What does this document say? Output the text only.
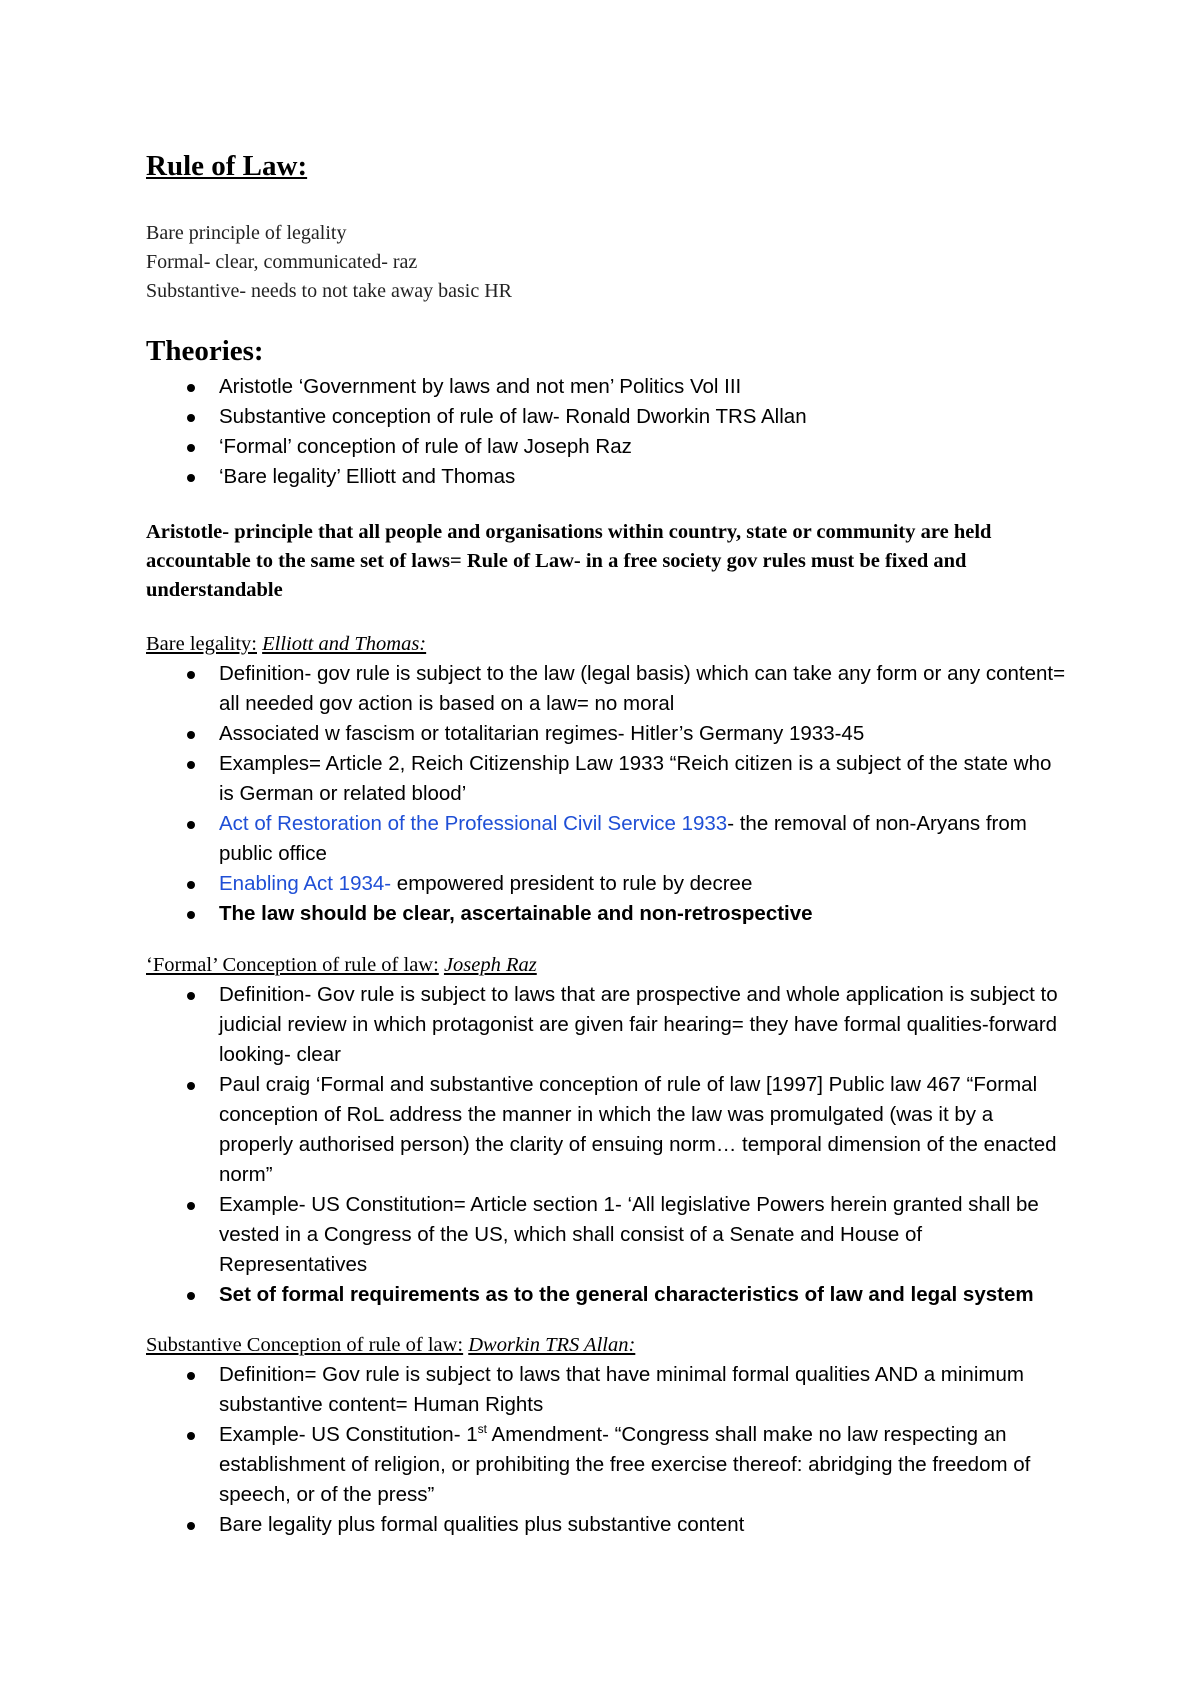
Rule of Law:
Bare principle of legality
Formal- clear, communicated- raz
Substantive- needs to not take away basic HR
Theories:
Aristotle ‘Government by laws and not men’ Politics Vol III
Substantive conception of rule of law- Ronald Dworkin TRS Allan
‘Formal’ conception of rule of law Joseph Raz
‘Bare legality’ Elliott and Thomas

Aristotle- principle that all people and organisations within country, state or community are held accountable to the same set of laws= Rule of Law- in a free society gov rules must be fixed and understandable

Bare legality: Elliott and Thomas:
Definition- gov rule is subject to the law (legal basis) which can take any form or any content= all needed gov action is based on a law= no moral
Associated w fascism or totalitarian regimes- Hitler’s Germany 1933-45
Examples= Article 2, Reich Citizenship Law 1933 “Reich citizen is a subject of the state who is German or related blood’
Act of Restoration of the Professional Civil Service 1933- the removal of non-Aryans from public office
Enabling Act 1934- empowered president to rule by decree
The law should be clear, ascertainable and non-retrospective
‘Formal’ Conception of rule of law: Joseph Raz
Definition- Gov rule is subject to laws that are prospective and whole application is subject to judicial review in which protagonist are given fair hearing= they have formal qualities-forward looking- clear
Paul craig ‘Formal and substantive conception of rule of law [1997] Public law 467 “Formal conception of RoL address the manner in which the law was promulgated (was it by a properly authorised person) the clarity of ensuing norm… temporal dimension of the enacted norm”
Example- US Constitution= Article section 1- ‘All legislative Powers herein granted shall be vested in a Congress of the US, which shall consist of a Senate and House of Representatives
Set of formal requirements as to the general characteristics of law and legal system
Substantive Conception of rule of law: Dworkin TRS Allan:
Definition= Gov rule is subject to laws that have minimal formal qualities AND a minimum substantive content= Human Rights
Example- US Constitution- 1st Amendment- “Congress shall make no law respecting an establishment of religion, or prohibiting the free exercise thereof: abridging the freedom of speech, or of the press”
Bare legality plus formal qualities plus substantive content
